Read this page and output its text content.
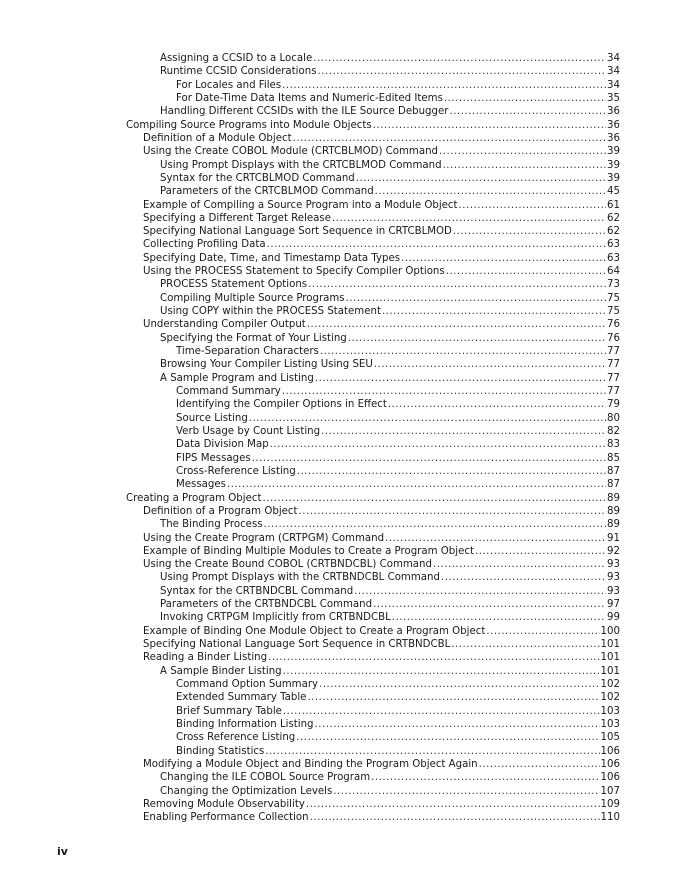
Assigning a CCSID to a Locale .....	34
Runtime CCSID Considerations .....	34
For Locales and Files .....	34
For Date-Time Data Items and Numeric-Edited Items .....	35
Handling Different CCSIDs with the ILE Source Debugger .....	36
Compiling Source Programs into Module Objects .....	36
Definition of a Module Object .....	36
Using the Create COBOL Module (CRTCBLMOD) Command .....	39
Using Prompt Displays with the CRTCBLMOD Command .....	39
Syntax for the CRTCBLMOD Command .....	39
Parameters of the CRTCBLMOD Command .....	45
Example of Compiling a Source Program into a Module Object .....	61
Specifying a Different Target Release .....	62
Specifying National Language Sort Sequence in CRTCBLMOD .....	62
Collecting Profiling Data .....	63
Specifying Date, Time, and Timestamp Data Types .....	63
Using the PROCESS Statement to Specify Compiler Options .....	64
PROCESS Statement Options .....	73
Compiling Multiple Source Programs .....	75
Using COPY within the PROCESS Statement .....	75
Understanding Compiler Output .....	76
Specifying the Format of Your Listing .....	76
Time-Separation Characters .....	77
Browsing Your Compiler Listing Using SEU .....	77
A Sample Program and Listing .....	77
Command Summary .....	77
Identifying the Compiler Options in Effect .....	79
Source Listing .....	80
Verb Usage by Count Listing .....	82
Data Division Map .....	83
FIPS Messages .....	85
Cross-Reference Listing .....	87
Messages .....	87
Creating a Program Object .....	89
Definition of a Program Object .....	89
The Binding Process .....	89
Using the Create Program (CRTPGM) Command .....	91
Example of Binding Multiple Modules to Create a Program Object .....	92
Using the Create Bound COBOL (CRTBNDCBL) Command .....	93
Using Prompt Displays with the CRTBNDCBL Command .....	93
Syntax for the CRTBNDCBL Command .....	93
Parameters of the CRTBNDCBL Command .....	97
Invoking CRTPGM Implicitly from CRTBNDCBL .....	99
Example of Binding One Module Object to Create a Program Object .....	100
Specifying National Language Sort Sequence in CRTBNDCBL .....	101
Reading a Binder Listing .....	101
A Sample Binder Listing .....	101
Command Option Summary .....	102
Extended Summary Table .....	102
Brief Summary Table .....	103
Binding Information Listing .....	103
Cross Reference Listing .....	105
Binding Statistics .....	106
Modifying a Module Object and Binding the Program Object Again .....	106
Changing the ILE COBOL Source Program .....	106
Changing the Optimization Levels .....	107
Removing Module Observability .....	109
Enabling Performance Collection .....	110
iv
